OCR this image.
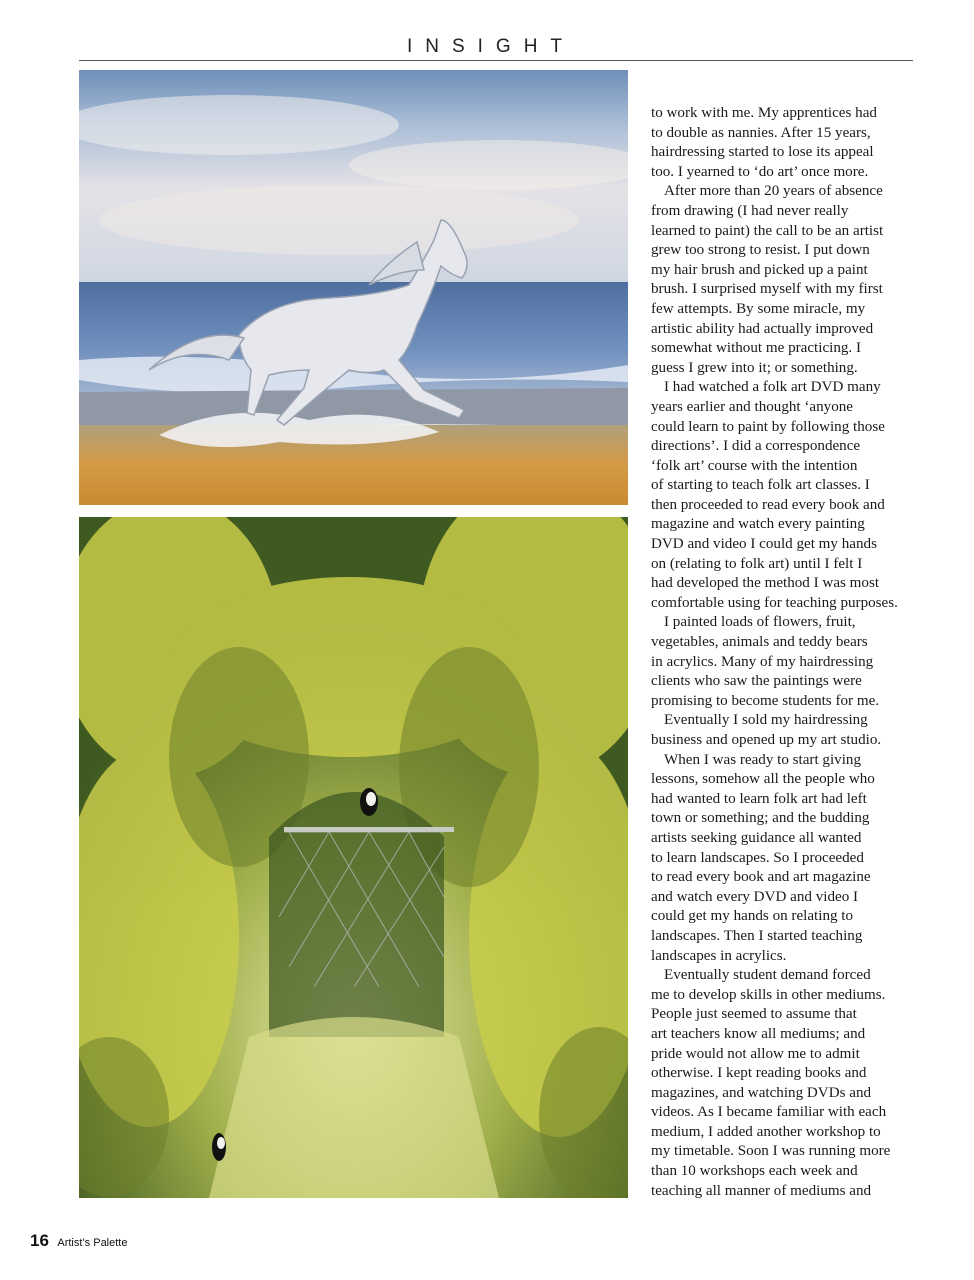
INSIGHT

to work with me. My apprentices had

to double as nannies. After 15 years,

hairdressing started to lose its appeal

too. I yearned to ‘do art’ once more.

After more than 20 years of absence

from drawing (I had never really

learned to paint) the call to be an artist

grew too strong to resist. I put down

my hair brush and picked up a paint

brush. I surprised myself with my first

few attempts. By some miracle, my

artistic ability had actually improved

somewhat without me practicing. I

guess I grew into it; or something.

I had watched a folk art DVD many

years earlier and thought ‘anyone

could learn to paint by following those

directions’. I did a correspondence

‘folk art’ course with the intention

of starting to teach folk art classes. I

then proceeded to read every book and

magazine and watch every painting

DVD and video I could get my hands

on (relating to folk art) until I felt I

had developed the method I was most

comfortable using for teaching purposes.

I painted loads of flowers, fruit,

vegetables, animals and teddy bears

in acrylics. Many of my hairdressing

clients who saw the paintings were

promising to become students for me.

Eventually I sold my hairdressing

business and opened up my art studio.

When I was ready to start giving

lessons, somehow all the people who

had wanted to learn folk art had left

town or something; and the budding

artists seeking guidance all wanted

to learn landscapes. So I proceeded

to read every book and art magazine

and watch every DVD and video I

could get my hands on relating to

landscapes. Then I started teaching

landscapes in acrylics.

Eventually student demand forced

me to develop skills in other mediums.

People just seemed to assume that

art teachers know all mediums; and

pride would not allow me to admit

otherwise. I kept reading books and

magazines, and watching DVDs and

videos. As I became familiar with each

medium, I added another workshop to

my timetable. Soon I was running more

than 10 workshops each week and

teaching all manner of mediums and

16 Artist’s Palette
